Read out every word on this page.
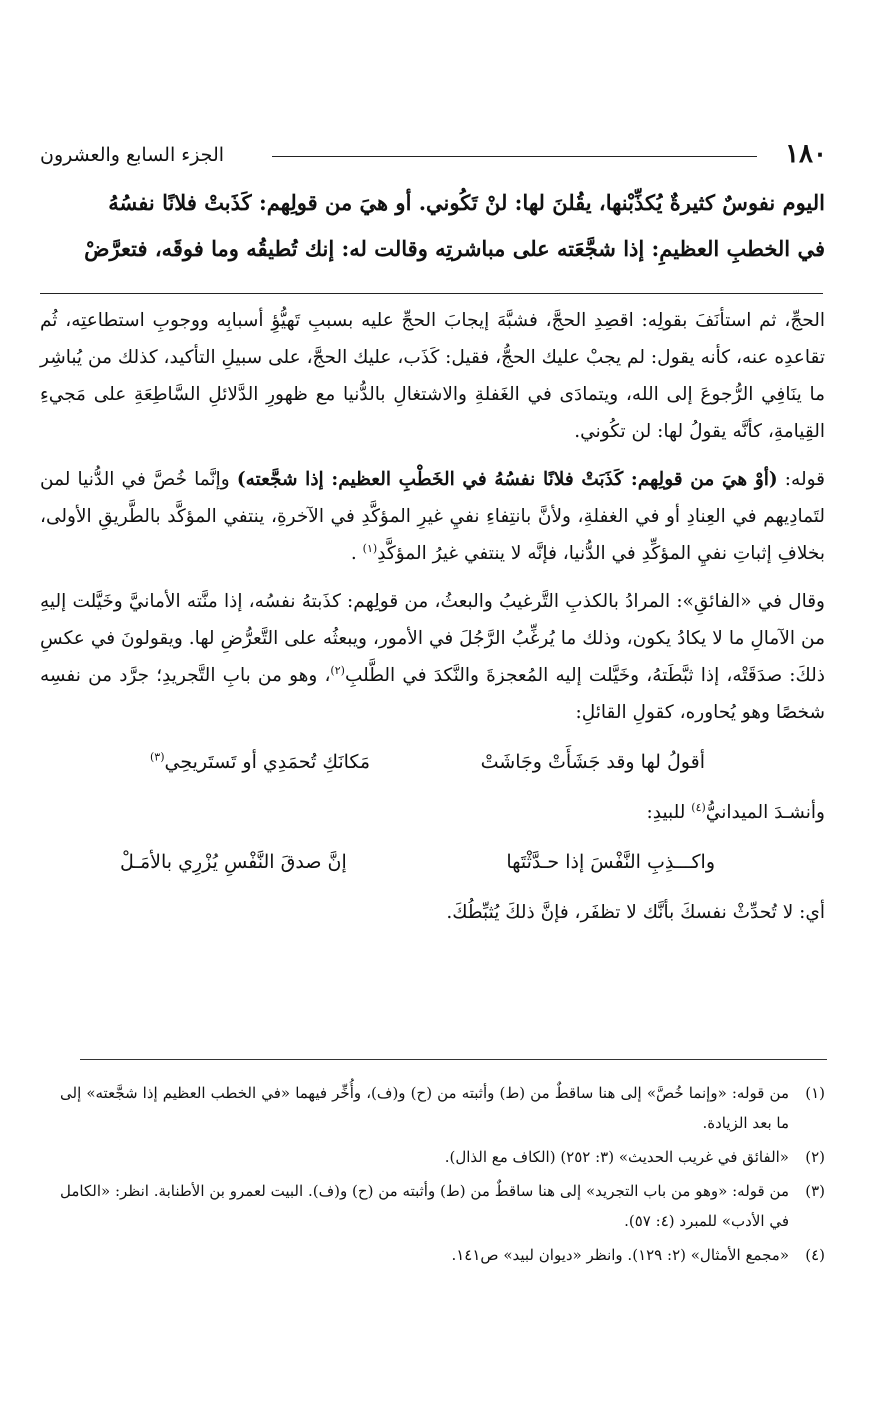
١٨٠
الجزء السابع والعشرون
اليوم نفوسٌ كثيرةٌ يُكذِّبْنها، يقُلنَ لها: لنْ تَكُوني. أو هيَ من قولِهم: كَذَبتْ فلانًا نفسُهُ
في الخطبِ العظيمِ: إذا شجَّعَته على مباشرتِه وقالت له: إنك تُطيقُه وما فوقَه، فتعرَّضْ

الحجِّ، ثم استأنَفَ بقولِه: اقصِدِ الحجَّ، فشبَّهَ إيجابَ الحجِّ عليه بسببِ تَهيُّؤِ أسبابِه ووجوبِ استطاعتِه، ثُم تقاعدِه عنه، كأنه يقول: لم يجبْ عليك الحجُّ، فقيل: كَذَب، عليك الحجَّ، على سبيلِ التأكيد، كذلك من يُباشِر ما ينَافِي الرُّجوعَ إلى الله، ويتمادَى في الغَفلةِ والاشتغالِ بالدُّنيا مع ظهورِ الدَّلائلِ السَّاطِعَةِ على مَجيءِ القِيامةِ، كأنَّه يقولُ لها: لن تكُوني.

قوله: (أوْ هيَ من قولِهم: كَذَبَتْ فلانًا نفسُهُ في الخَطْبِ العظيم: إذا شجَّعته) وإنَّما خُصَّ في الدُّنيا لمن لتَمادِيهم في العِنادِ أو في الغفلةِ، ولأنَّ بانتِفاءِ نفيِ غيرِ المؤكَّدِ في الآخرةِ، ينتفي المؤكَّد بالطَّريقِ الأولى، بخلافِ إثباتِ نفيِ المؤكِّدِ في الدُّنيا، فإنَّه لا ينتفي غيرُ المؤكَّدِ$^{(١)}$ .

وقال في «الفائقِ»: المرادُ بالكذبِ التَّرغيبُ والبعثُ، من قولِهم: كذَبتهُ نفسُه، إذا منَّته الأمانيَّ وخَيَّلت إليهِ من الآمالِ ما لا يكادُ يكون، وذلك ما يُرغِّبُ الرَّجُلَ في الأمور، ويبعثُه على التَّعرُّضِ لها. ويقولونَ في عكسِ ذلكَ: صدَقَتْه، إذا ثبَّطَتهُ، وخَيَّلت إليه المُعجزةَ والنَّكدَ في الطَّلبِ$^{(٢)}$، وهو من بابِ التَّجريدِ؛ جرَّد من نفسِه شخصًا وهو يُحاوره، كقولِ القائلِ:

أقولُ لها وقد جَشَأَتْ وجَاشَتْ
مَكانَكِ تُحمَدِي أو تَستَريحِي$^{(٣)}$

وأنشـدَ الميدانيُّ$^{(٤)}$ للبيدِ:

واكـــذِبِ النَّفْسَ إذا حـدَّثْتَها
إنَّ صدقَ النَّفْسِ يُزْرِي بالأمَـلْ

أي: لا تُحدِّثْ نفسكَ بأنَّك لا تظفَر، فإنَّ ذلكَ يُثبِّطُكَ.

(١)
من قوله: «وإنما خُصَّ» إلى هنا ساقطٌ من (ط) وأثبته من (ح) و(ف)، وأُخِّر فيهما «في الخطب العظيم إذا شجَّعته» إلى ما بعد الزيادة.
(٢)
«الفائق في غريب الحديث» (٣: ٢٥٢) (الكاف مع الذال).
(٣)
من قوله: «وهو من باب التجريد» إلى هنا ساقطٌ من (ط) وأثبته من (ح) و(ف). البيت لعمرو بن الأطنابة. انظر: «الكامل في الأدب» للمبرد (٤: ٥٧).
(٤)
«مجمع الأمثال» (٢: ١٢٩). وانظر «ديوان لبيد» ص١٤١.
